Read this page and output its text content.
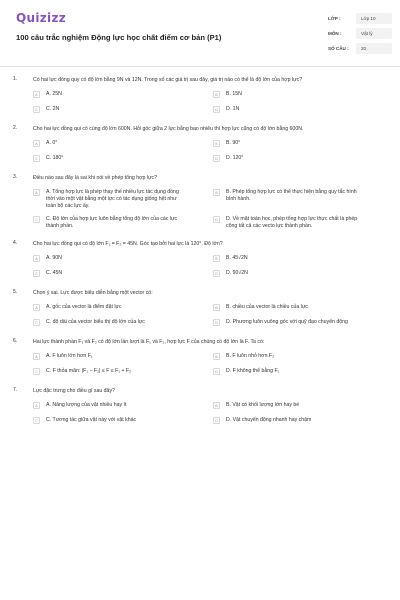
Quizizz
100 câu trắc nghiệm Động lực học chất điểm cơ bản (P1)
LỚP :	Lớp 10
MÔN :	Vật lý
SỐ CÂU :	20
1.	Có hai lực đồng quy có độ lớn bằng 9N và 12N. Trong số các giá trị sau đây, giá trị nào có thể là độ lớn của hợp lực?
A	A. 25N	B	B. 15N
C	C. 2N	D	D. 1N
2.	Cho hai lực đồng qui có cùng độ lớn 600N. Hỏi góc giữa 2 lực bằng bao nhiêu thì hợp lực cũng có độ lớn bằng 600N.
A	A. 0°	B	B. 90°
C	C. 180°	D	D. 120°
3.	Điều nào sau đây là sai khi nói về phép tổng hợp lực?
A	A. Tổng hợp lực là phép thay thế nhiều lực tác dụng đồng thời vào một vật bằng một lực có tác dụng giống hệt như toàn bộ các lực ấy.
B	B. Phép tổng hợp lực có thể thực hiện bằng quy tắc hình bình hành.
C	C. Độ lớn của hợp lực luôn bằng tổng độ lớn của các lực thành phần.
D	D. Về mặt toán học, phép tổng hợp lực thực chất là phép cộng tất cả các vecto lực thành phần.
4.	Cho hai lực đồng qui có độ lớn F₁ = F₂ = 45N. Góc tạo bởi hai lực là 120°. Độ lớn?
A	A. 90N	B	B. 45√2N
C	C. 45N	D	D. 90√2N
5.	Chọn ý sai. Lực được biểu diễn bằng một vector có:
A	A. gốc của vector là điểm đặt lực	B	B. chiều của vector là chiều của lực
C	C. độ dài của vector biểu thị độ lớn của lực	D	D. Phương luôn vuông góc với quỹ đạo chuyển động
6.	Hai lực thành phần F₁ và F₂ có độ lớn lần lượt là F₁ và F₂, hợp lực F của chúng có độ lớn là F. Ta có:
A	A. F luôn lớn hơn F₁	B	B. F luôn nhỏ hơn F₂
C	C. F thỏa mãn: |F₁ − F₂| ≤ F ≤ F₁ + F₂	D	D. F không thể bằng F₁
7.	Lực đặc trưng cho điều gì sau đây?
A	A. Năng lượng của vật nhiều hay ít	B	B. Vật có khối lượng lớn hay bé
C	C. Tương tác giữa vật này với vật khác	D	D. Vật chuyển động nhanh hay chậm
